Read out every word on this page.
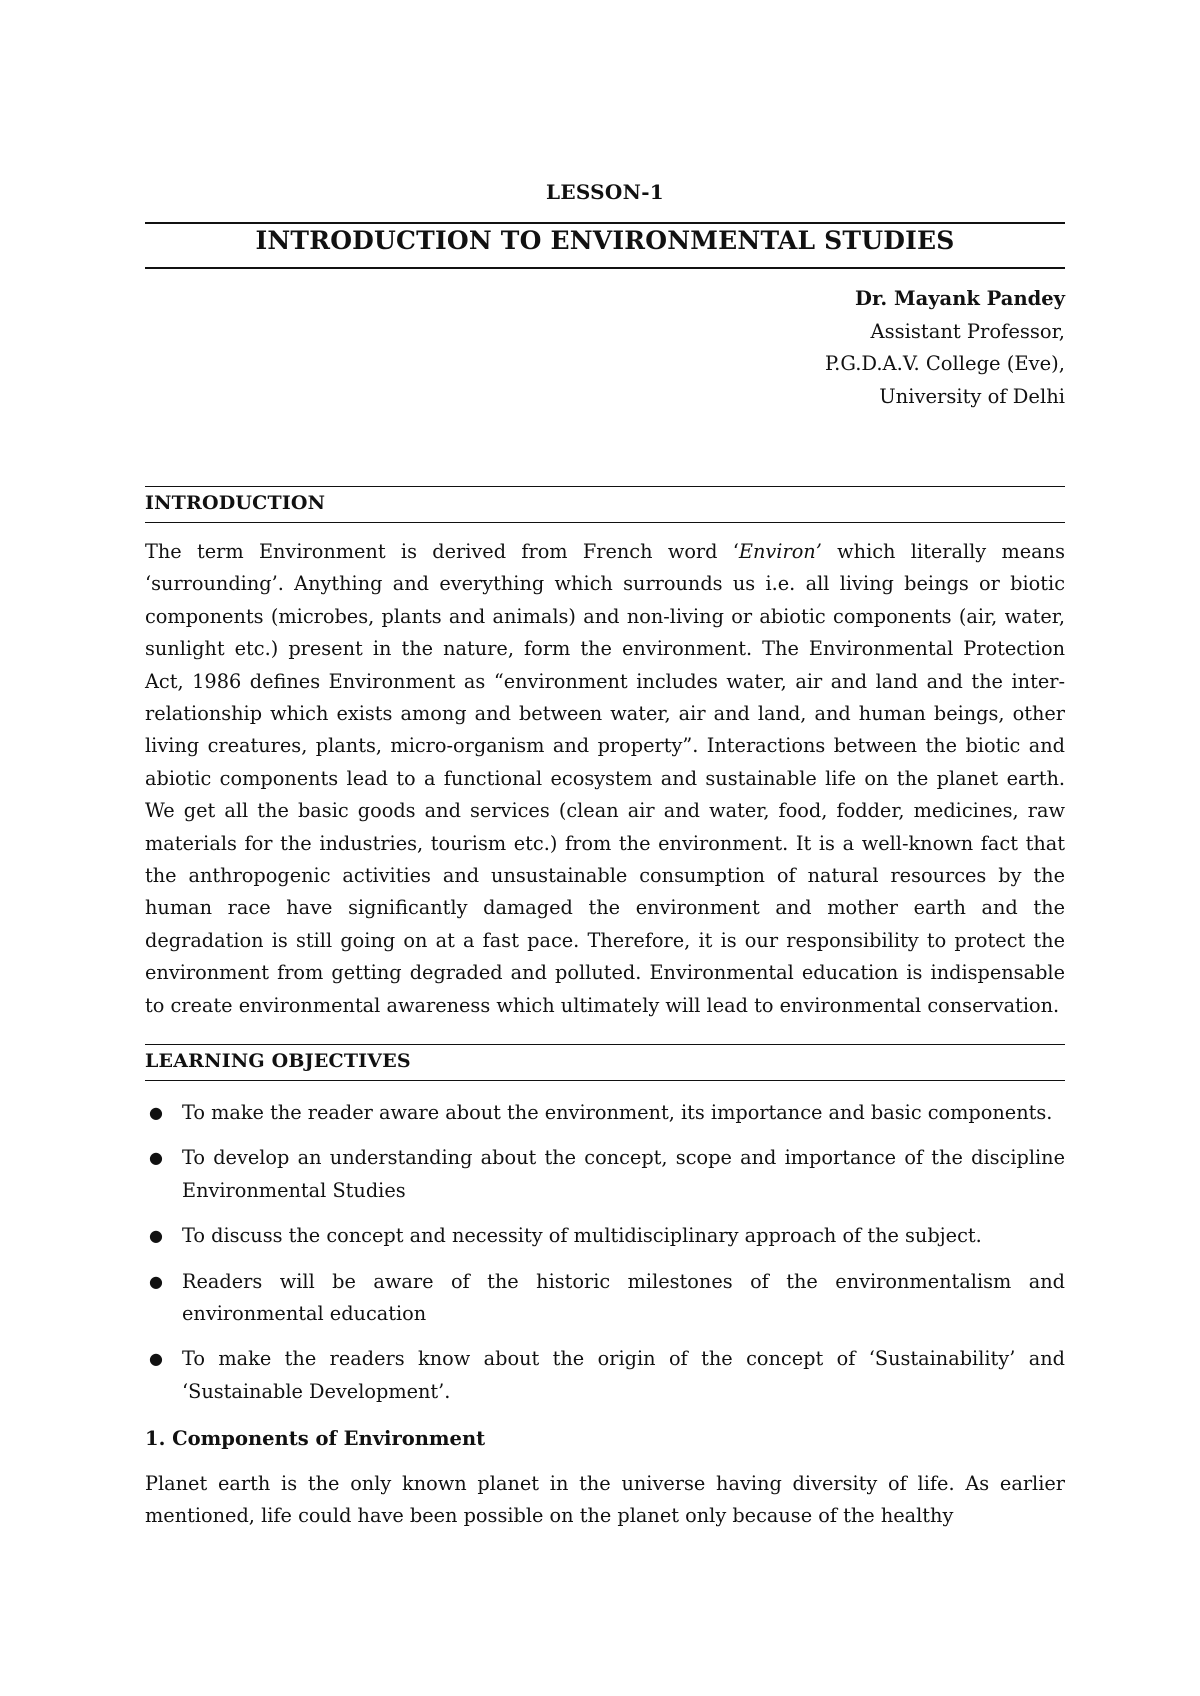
LESSON-1
INTRODUCTION TO ENVIRONMENTAL STUDIES
Dr. Mayank Pandey
Assistant Professor,
P.G.D.A.V. College (Eve),
University of Delhi
INTRODUCTION

The term Environment is derived from French word ‘Environ’ which literally means ‘surrounding’. Anything and everything which surrounds us i.e. all living beings or biotic components (microbes, plants and animals) and non-living or abiotic components (air, water, sunlight etc.) present in the nature, form the environment. The Environmental Protection Act, 1986 defines Environment as “environment includes water, air and land and the inter-relationship which exists among and between water, air and land, and human beings, other living creatures, plants, micro-organism and property”. Interactions between the biotic and abiotic components lead to a functional ecosystem and sustainable life on the planet earth. We get all the basic goods and services (clean air and water, food, fodder, medicines, raw materials for the industries, tourism etc.) from the environment. It is a well-known fact that the anthropogenic activities and unsustainable consumption of natural resources by the human race have significantly damaged the environment and mother earth and the degradation is still going on at a fast pace. Therefore, it is our responsibility to protect the environment from getting degraded and polluted. Environmental education is indispensable to create environmental awareness which ultimately will lead to environmental conservation.

LEARNING OBJECTIVES
● To make the reader aware about the environment, its importance and basic components.
● To develop an understanding about the concept, scope and importance of the discipline Environmental Studies
● To discuss the concept and necessity of multidisciplinary approach of the subject.
● Readers will be aware of the historic milestones of the environmentalism and environmental education
● To make the readers know about the origin of the concept of ‘Sustainability’ and ‘Sustainable Development’.
1. Components of Environment

Planet earth is the only known planet in the universe having diversity of life. As earlier mentioned, life could have been possible on the planet only because of the healthy
